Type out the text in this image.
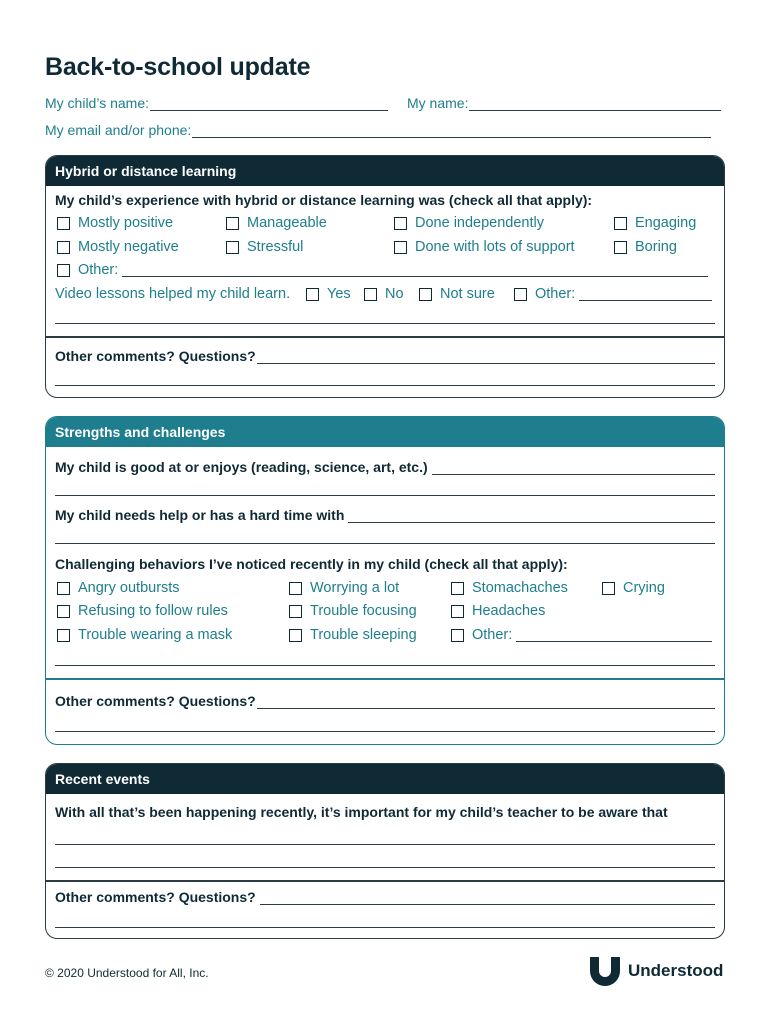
Back-to-school update
My child’s name:	My name:
My email and/or phone:
Hybrid or distance learning
My child’s experience with hybrid or distance learning was (check all that apply):
Mostly positive	Manageable	Done independently	Engaging
Mostly negative	Stressful	Done with lots of support	Boring
Other:
Video lessons helped my child learn.	Yes No	Not sure	Other:
Other comments? Questions?
Strengths and challenges
My child is good at or enjoys (reading, science, art, etc.)
My child needs help or has a hard time with
Challenging behaviors I’ve noticed recently in my child (check all that apply):
Angry outbursts	Worrying a lot	Stomachaches	Crying
Refusing to follow rules	Trouble focusing	Headaches
Trouble wearing a mask	Trouble sleeping	Other:
Other comments? Questions?
Recent events
With all that’s been happening recently, it’s important for my child’s teacher to be aware that
Other comments? Questions?
© 2020 Understood for All, Inc.	Understood
